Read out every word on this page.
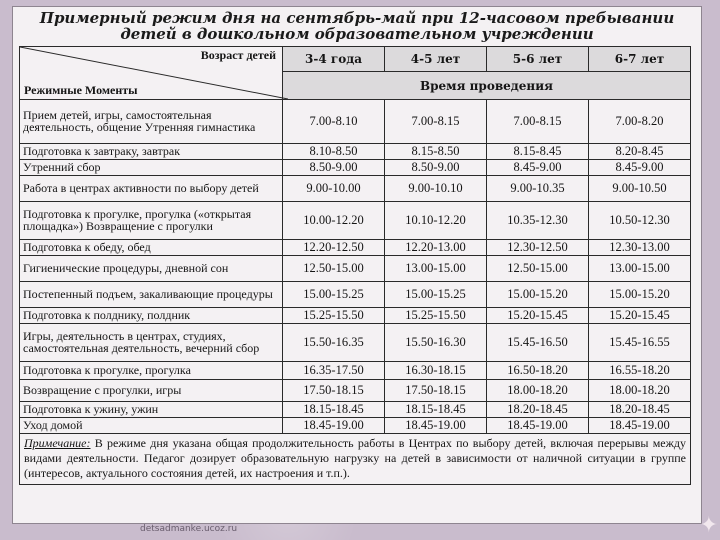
Примерный режим дня на сентябрь-май при 12-часовом пребывании
детей в дошкольном образовательном учреждении
Возраст детей
Режимные Моменты	3-4 года	4-5 лет	5-6 лет	6-7 лет
	Время проведения			
Прием детей, игры, самостоятельная деятельность, общение Утренняя гимнастика	7.00-8.10	7.00-8.15	7.00-8.15	7.00-8.20
Подготовка к завтраку, завтрак	8.10-8.50	8.15-8.50	8.15-8.45	8.20-8.45
Утренний сбор	8.50-9.00	8.50-9.00	8.45-9.00	8.45-9.00
Работа в центрах активности по выбору детей	9.00-10.00	9.00-10.10	9.00-10.35	9.00-10.50
Подготовка к прогулке, прогулка («открытая площадка») Возвращение с прогулки	10.00-12.20	10.10-12.20	10.35-12.30	10.50-12.30
Подготовка к обеду, обед	12.20-12.50	12.20-13.00	12.30-12.50	12.30-13.00
Гигиенические процедуры, дневной сон	12.50-15.00	13.00-15.00	12.50-15.00	13.00-15.00
Постепенный подъем, закаливающие процедуры	15.00-15.25	15.00-15.25	15.00-15.20	15.00-15.20
Подготовка к полднику, полдник	15.25-15.50	15.25-15.50	15.20-15.45	15.20-15.45
Игры, деятельность в центрах, студиях, самостоятельная деятельность, вечерний сбор	15.50-16.35	15.50-16.30	15.45-16.50	15.45-16.55
Подготовка к прогулке, прогулка	16.35-17.50	16.30-18.15	16.50-18.20	16.55-18.20
Возвращение с прогулки, игры	17.50-18.15	17.50-18.15	18.00-18.20	18.00-18.20
Подготовка к ужину, ужин	18.15-18.45	18.15-18.45	18.20-18.45	18.20-18.45
Уход домой	18.45-19.00	18.45-19.00	18.45-19.00	18.45-19.00
Примечание: В режиме дня указана общая продолжительность работы в Центрах по выбору детей, включая перерывы между видами деятельности. Педагог дозирует образовательную нагрузку на детей в зависимости от наличной ситуации в группе (интересов, актуального состояния детей, их настроения и т.п.).
detsadmanke.ucoz.ru	✦
